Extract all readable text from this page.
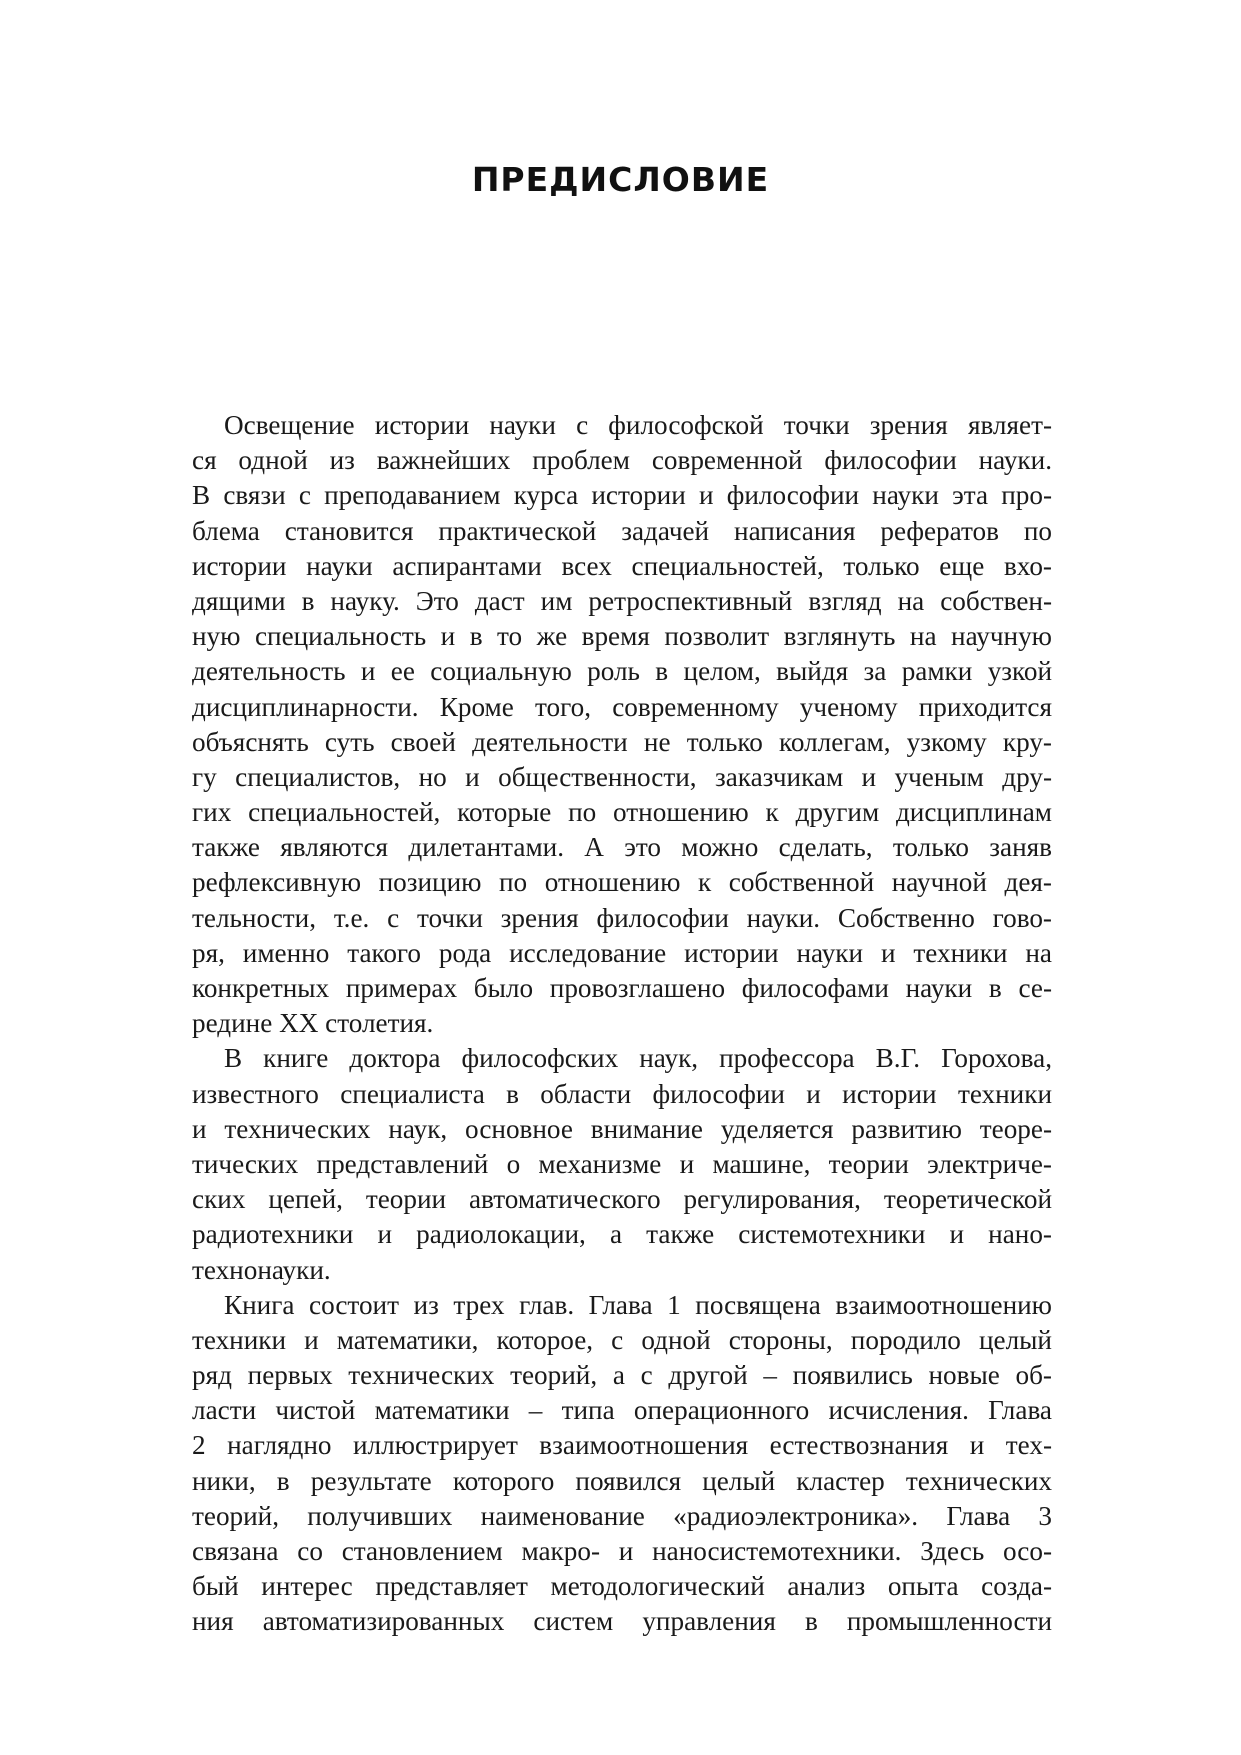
ПРЕДИСЛОВИЕ
Освещение истории науки с философской точки зрения являет-
ся одной из важнейших проблем современной философии науки.
В связи с преподаванием курса истории и философии науки эта про-
блема становится практической задачей написания рефератов по
истории науки аспирантами всех специальностей, только еще вхо-
дящими в науку. Это даст им ретроспективный взгляд на собствен-
ную специальность и в то же время позволит взглянуть на научную
деятельность и ее социальную роль в целом, выйдя за рамки узкой
дисциплинарности. Кроме того, современному ученому приходится
объяснять суть своей деятельности не только коллегам, узкому кру-
гу специалистов, но и общественности, заказчикам и ученым дру-
гих специальностей, которые по отношению к другим дисциплинам
также являются дилетантами. А это можно сделать, только заняв
рефлексивную позицию по отношению к собственной научной дея-
тельности, т.е. с точки зрения философии науки. Собственно гово-
ря, именно такого рода исследование истории науки и техники на
конкретных примерах было провозглашено философами науки в се-
редине XX столетия.
В книге доктора философских наук, профессора В.Г. Горохова,
известного специалиста в области философии и истории техники
и технических наук, основное внимание уделяется развитию теоре-
тических представлений о механизме и машине, теории электриче-
ских цепей, теории автоматического регулирования, теоретической
радиотехники и радиолокации, а также системотехники и нано-
технонауки.
Книга состоит из трех глав. Глава 1 посвящена взаимоотношению
техники и математики, которое, с одной стороны, породило целый
ряд первых технических теорий, а с другой – появились новые об-
ласти чистой математики – типа операционного исчисления. Глава
2 наглядно иллюстрирует взаимоотношения естествознания и тех-
ники, в результате которого появился целый кластер технических
теорий, получивших наименование «радиоэлектроника». Глава 3
связана со становлением макро- и наносистемотехники. Здесь осо-
бый интерес представляет методологический анализ опыта созда-
ния автоматизированных систем управления в промышленности
